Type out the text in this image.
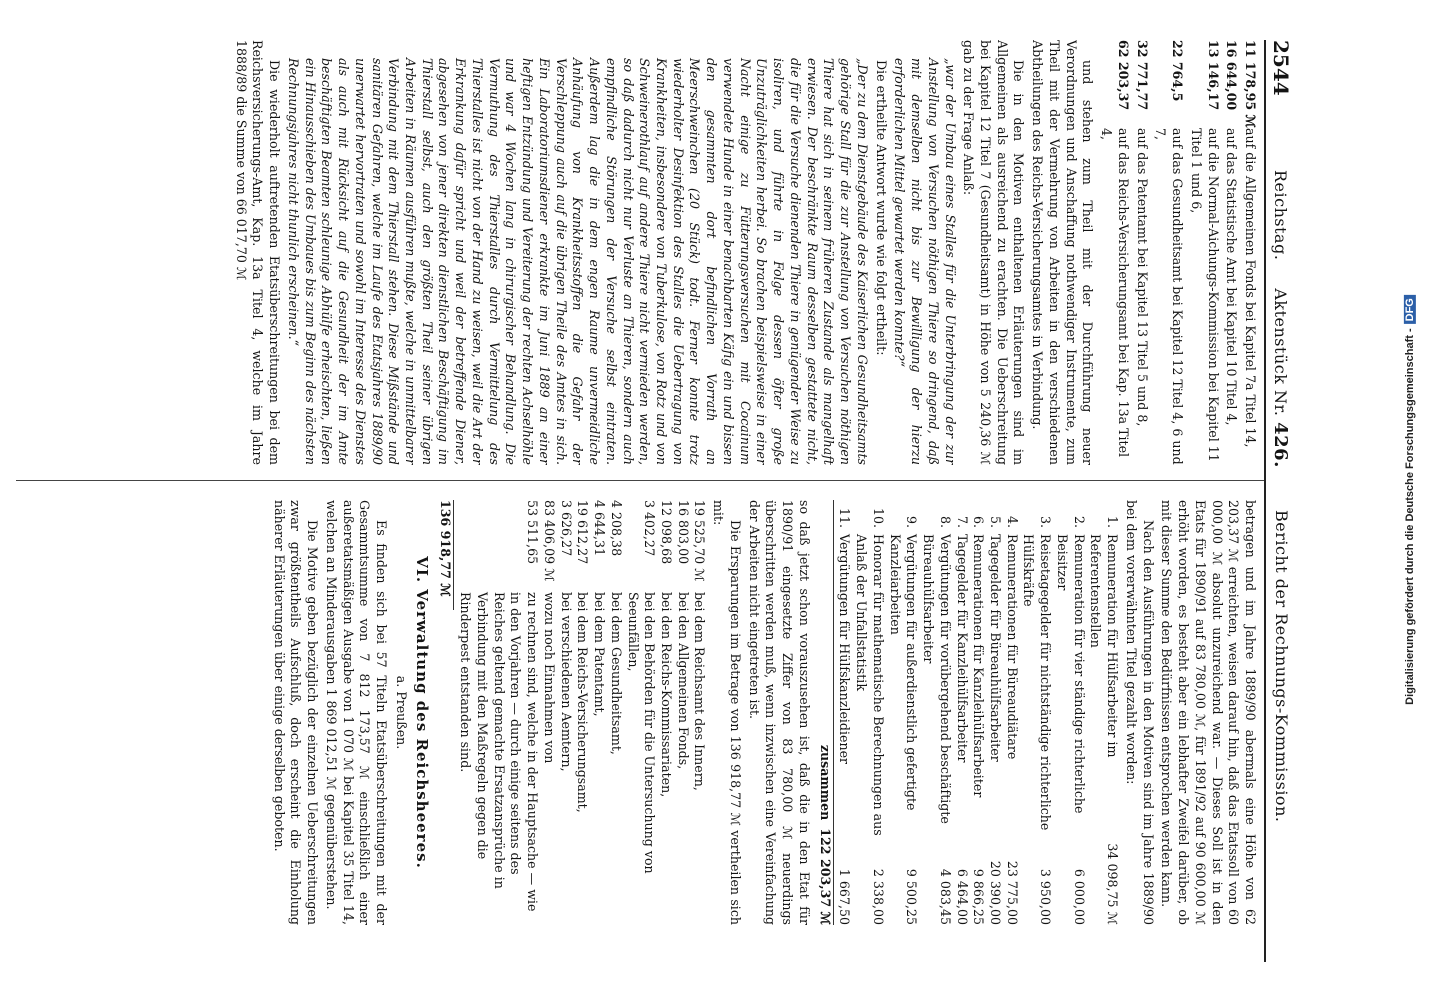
2544
Reichstag.     Aktenstück Nr. 426.
Bericht der Rechnungs-Kommission.
11 178,95 ℳ
auf die Allgemeinen Fonds bei Kapitel 7a Titel 14,
16 644,00
auf das Statistische Amt bei Kapitel 10 Titel 4,
13 146,17
auf die Normal-Aichungs-Kommission bei Kapitel 11 Titel 1 und 6,
22 764,5
auf das Gesundheitsamt bei Kapitel 12 Titel 4, 6 und 7,
32 771,77
auf das Patentamt bei Kapitel 13 Titel 5 und 8,
62 203,37
auf das Reichs-Versicherungsamt bei Kap. 13a Titel 4,

und stehen zum Theil mit der Durchführung neuer Verordnungen und Anschaffung nothwendiger Instrumente, zum Theil mit der Vermehrung von Arbeiten in den verschiedenen Abtheilungen des Reichs-Versicherungsamtes in Verbindung.

Die in den Motiven enthaltenen Erläuterungen sind im Allgemeinen als ausreichend zu erachten. Die Ueberschreitung bei Kapitel 12 Titel 7 (Gesundheitsamt) in Höhe von 5 240,36 ℳ gab zu der Frage Anlaß:

„war der Umbau eines Stalles für die Unterbringung der zur Anstellung von Versuchen nöthigen Thiere so dringend, daß mit demselben nicht bis zur Bewilligung der hierzu erforderlichen Mittel gewartet werden konnte?“

Die ertheilte Antwort wurde wie folgt ertheilt:

„Der zu dem Dienstgebäude des Kaiserlichen Gesundheitsamts gehörige Stall für die zur Anstellung von Versuchen nöthigen Thiere hat sich in seinem früheren Zustande als mangelhaft erwiesen. Der beschränkte Raum desselben gestattete nicht, die für die Versuche dienenden Thiere in genügender Weise zu isoliren, und führte in Folge dessen öfter große Unzuträglichkeiten herbei. So brachen beispielsweise in einer Nacht einige zu Fütterungsversuchen mit Cocainum verwendete Hunde in einer benachbarten Käfig ein und bissen den gesammten dort befindlichen Vorrath an Meerschweinchen (20 Stück) todt. Ferner konnte trotz wiederholter Desinfektion des Stalles die Uebertragung von Krankheiten, insbesondere von Tuberkulose, von Rotz und von Schweinerothlauf auf andere Thiere nicht vermieden werden, so daß dadurch nicht nur Verluste an Thieren, sondern auch empfindliche Störungen der Versuche selbst eintraten. Außerdem lag die in dem engen Raume unvermeidliche Anhäufung von Krankheitsstoffen die Gefahr der Verschleppung auch auf die übrigen Theile des Amtes in sich. Ein Laboratoriumsdiener erkrankte im Juni 1889 an einer heftigen Entzündung und Vereiterung der rechten Achselhöhle und war 4 Wochen lang in chirurgischer Behandlung. Die Vermuthung des Thierstalles durch Vermittelung des Thierstalles ist nicht von der Hand zu weisen, weil die Art der Erkrankung dafür spricht und weil der betreffende Diener, abgesehen von jener direkten dienstlichen Beschäftigung im Thierstall selbst, auch den größten Theil seiner übrigen Arbeiten in Räumen ausführen mußte, welche in unmittelbarer Verbindung mit dem Thierstall stehen. Diese Mißstände und sanitären Gefahren, welche im Laufe des Etatsjahres 1889/90 unerwartet hervortraten und sowohl im Interesse des Dienstes als auch mit Rücksicht auf die Gesundheit der im Amte beschäftigten Beamten schleunige Abhülfe erheischten, ließen ein Hinausschieben des Umbaues bis zum Beginn des nächsten Rechnungsjahres nicht thunlich erscheinen.“

Die wiederholt auftretenden Etatsüberschreitungen bei dem Reichsversicherungs-Amt, Kap. 13a Titel 4, welche im Jahre 1888/89 die Summe von 66 017,70 ℳ

betragen und im Jahre 1889/90 abermals eine Höhe von 62 203,37 ℳ erreichten, weisen darauf hin, daß das Etatssoll von 60 000,00 ℳ absolut unzureichend war. — Dieses Soll ist in den Etats für 1890/91 auf 83 780,00 ℳ, für 1891/92 auf 90 600,00 ℳ erhöht worden, es besteht aber ein lebhafter Zweifel darüber, ob mit dieser Summe den Bedürfnissen entsprochen werden kann.

Nach den Ausführungen in den Motiven sind im Jahre 1889/90 bei dem vorerwähnten Titel gezahlt worden:

1.
Remuneration für Hülfsarbeiter im Referentenstellen
34 098,75 ℳ
2.
Remuneration für vier ständige richterliche Beisitzer
6 000,00
3.
Reisetagegelder für nichtständige richterliche Hülfskräfte
3 950,00
4.
Remunerationen für Büreaudiätare
23 775,00
5.
Tagegelder für Büreauhülfsarbeiter
20 390,00
6.
Remunerationen für Kanzleihülfsarbeiter
9 866,25
7.
Tagegelder für Kanzleihülfsarbeiter
6 464,00
8.
Vergütungen für vorübergehend beschäftigte Büreauhülfsarbeiter
4 083,45
9.
Vergütungen für außerdienstlich gefertigte Kanzleiarbeiten
9 500,25
10.
Honorar für mathematische Berechnungen aus Anlaß der Unfallstatistik
2 338,00
11.
Vergütungen für Hülfskanzleidiener
1 667,50
zusammen
122 203,37 ℳ

so daß jetzt schon vorauszusehen ist, daß die in den Etat für 1890/91 eingesetzte Ziffer von 83 780,00 ℳ neuerdings überschritten werden muß, wenn inzwischen eine Vereinfachung der Arbeiten nicht eingetreten ist.

Die Ersparungen im Betrage von 136 918,77 ℳ vertheilen sich mit:

19 525,70 ℳ
bei dem Reichsamt des Innern,
16 803,00
bei den Allgemeinen Fonds,
12 098,68
bei den Reichs-Kommissariaten,
3 402,27
bei den Behörden für die Untersuchung von Seeunfällen,
4 208,38
bei dem Gesundheitsamt,
4 644,31
bei dem Patentamt,
19 612,27
bei dem Reichs-Versicherungsamt,
3 626,27
bei verschiedenen Aemtern,
83 406,09 ℳ
wozu noch Einnahmen von
53 511,65
zu rechnen sind, welche in der Hauptsache — wie in den Vorjahren — durch einige seitens des Reiches geltend gemachte Ersatzansprüche in Verbindung mit den Maßregeln gegen die Rinderpest entstanden sind.
136 918,77 ℳ
VI. Verwaltung des Reichsheeres.
a. Preußen.

Es finden sich bei 57 Titeln Etatsüberschreitungen mit der Gesammtsumme von 7 812 173,57 ℳ einschließlich einer außeretatsmäßigen Ausgabe von 1 070 ℳ bei Kapitel 35 Titel 14, welchen an Minderausgaben 1 869 012,51 ℳ gegenüberstehen.

Die Motive geben bezüglich der einzelnen Ueberschreitungen zwar größtentheils Aufschluß, doch erscheint die Einholung näherer Erläuterungen über einige derselben geboten.	Digitalisierung gefördert durch die Deutsche Forschungsgemeinschaft -DFG
